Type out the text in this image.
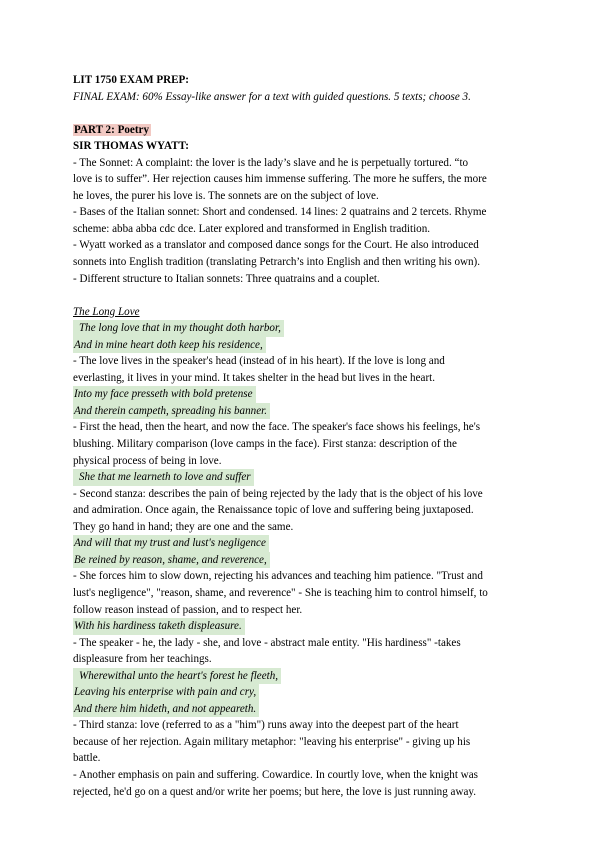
LIT 1750 EXAM PREP:
FINAL EXAM: 60% Essay-like answer for a text with guided questions. 5 texts; choose 3.
PART 2: Poetry
SIR THOMAS WYATT:
- The Sonnet: A complaint: the lover is the lady’s slave and he is perpetually tortured. “to
love is to suffer”. Her rejection causes him immense suffering. The more he suffers, the more
he loves, the purer his love is. The sonnets are on the subject of love.
- Bases of the Italian sonnet: Short and condensed. 14 lines: 2 quatrains and 2 tercets. Rhyme
scheme: abba abba cdc dce. Later explored and transformed in English tradition.
- Wyatt worked as a translator and composed dance songs for the Court. He also introduced
sonnets into English tradition (translating Petrarch’s into English and then writing his own).
- Different structure to Italian sonnets: Three quatrains and a couplet.
The Long Love
The long love that in my thought doth harbor,
And in mine heart doth keep his residence,
- The love lives in the speaker's head (instead of in his heart). If the love is long and
everlasting, it lives in your mind. It takes shelter in the head but lives in the heart.
Into my face presseth with bold pretense
And therein campeth, spreading his banner.
- First the head, then the heart, and now the face. The speaker's face shows his feelings, he's
blushing. Military comparison (love camps in the face). First stanza: description of the
physical process of being in love.
She that me learneth to love and suffer
- Second stanza: describes the pain of being rejected by the lady that is the object of his love
and admiration. Once again, the Renaissance topic of love and suffering being juxtaposed.
They go hand in hand; they are one and the same.
And will that my trust and lust's negligence
Be reined by reason, shame, and reverence,
- She forces him to slow down, rejecting his advances and teaching him patience. "Trust and
lust's negligence", "reason, shame, and reverence" - She is teaching him to control himself, to
follow reason instead of passion, and to respect her.
With his hardiness taketh displeasure.
- The speaker - he, the lady - she, and love - abstract male entity. "His hardiness" -takes
displeasure from her teachings.
Wherewithal unto the heart's forest he fleeth,
Leaving his enterprise with pain and cry,
And there him hideth, and not appeareth.
- Third stanza: love (referred to as a "him") runs away into the deepest part of the heart
because of her rejection. Again military metaphor: "leaving his enterprise" - giving up his
battle.
- Another emphasis on pain and suffering. Cowardice. In courtly love, when the knight was
rejected, he'd go on a quest and/or write her poems; but here, the love is just running away.
